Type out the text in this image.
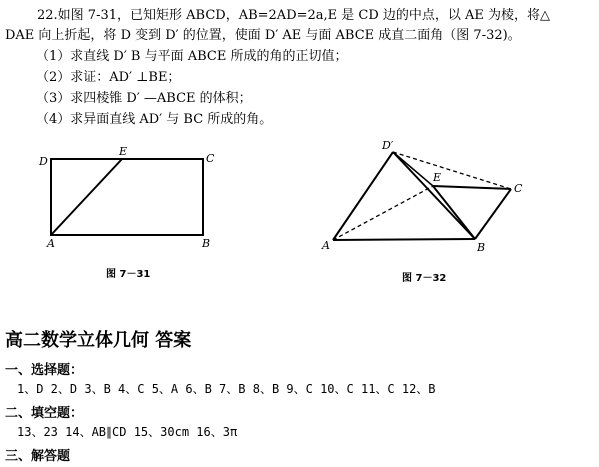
22.如图 7-31，已知矩形 ABCD，AB=2AD=2a,E 是 CD 边的中点，以 AE 为棱，将△
DAE 向上折起，将 D 变到 D′ 的位置，使面 D′ AE 与面 ABCE 成直二面角（图 7-32)。
（1）求直线 D′ B 与平面 ABCE 所成的角的正切值；
（2）求证：AD′ ⊥BE；
（3）求四棱锥 D′ —ABCE 的体积；
（4）求异面直线 AD′ 与 BC 所成的角。
D
E
C
A	B
图 7－31
D′
E
C
A	B
图 7－32
高二数学立体几何 答案
一、选择题：
1、D 2、D 3、B 4、C 5、A 6、B 7、B 8、B 9、C 10、C 11、C 12、B
二、填空题：
13、23 14、AB∥CD 15、30cm 16、3π
三、解答题
